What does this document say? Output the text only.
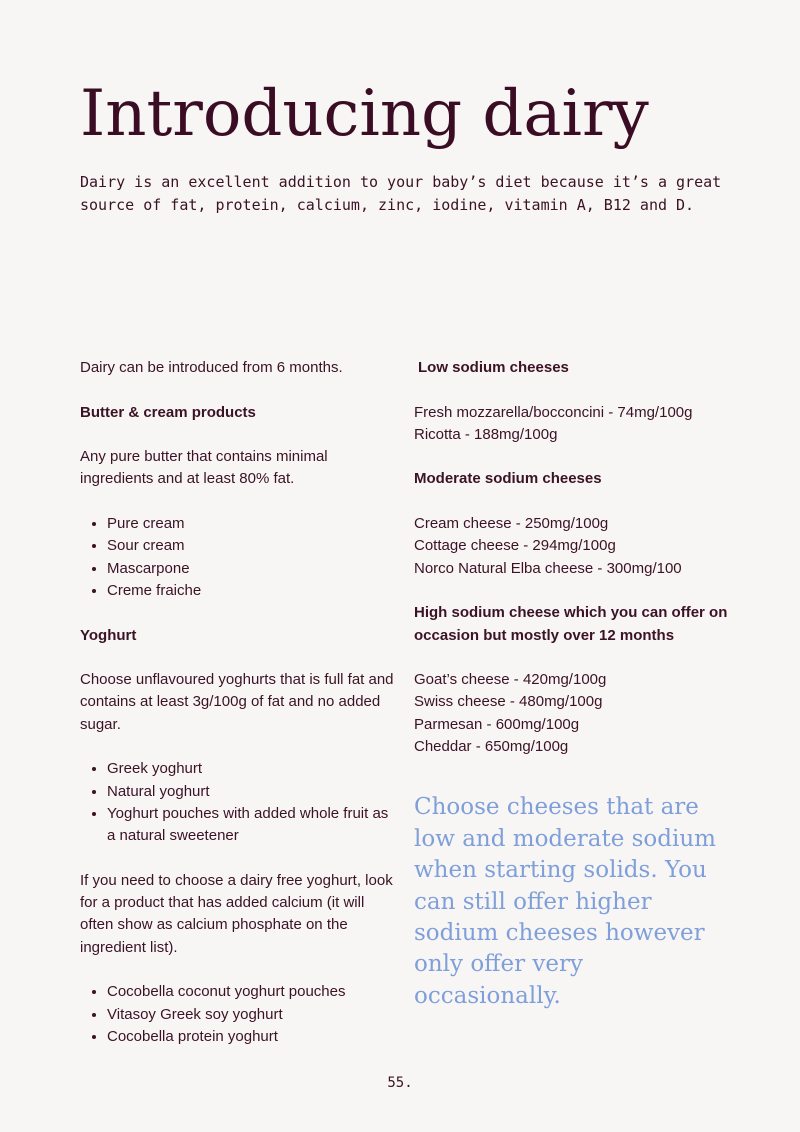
Introducing dairy

Dairy is an excellent addition to your baby’s diet because it’s a great source of fat, protein, calcium, zinc, iodine, vitamin A, B12 and D.

Dairy can be introduced from 6 months.

Butter & cream products

Any pure butter that contains minimal ingredients and at least 80% fat.

• Pure cream
• Sour cream
• Mascarpone
• Creme fraiche

Yoghurt

Choose unflavoured yoghurts that is full fat and contains at least 3g/100g of fat and no added sugar.

• Greek yoghurt
• Natural yoghurt
• Yoghurt pouches with added whole fruit as a natural sweetener

If you need to choose a dairy free yoghurt, look for a product that has added calcium (it will often show as calcium phosphate on the ingredient list).

• Cocobella coconut yoghurt pouches
• Vitasoy Greek soy yoghurt
• Cocobella protein yoghurt

Low sodium cheeses

Fresh mozzarella/bocconcini - 74mg/100g

Ricotta - 188mg/100g

Moderate sodium cheeses

Cream cheese - 250mg/100g

Cottage cheese - 294mg/100g

Norco Natural Elba cheese - 300mg/100

High sodium cheese which you can offer on occasion but mostly over 12 months

Goat’s cheese - 420mg/100g

Swiss cheese - 480mg/100g

Parmesan - 600mg/100g

Cheddar - 650mg/100g

Choose cheeses that are low and moderate sodium when starting solids. You can still offer higher sodium cheeses however only offer very occasionally.

55.
